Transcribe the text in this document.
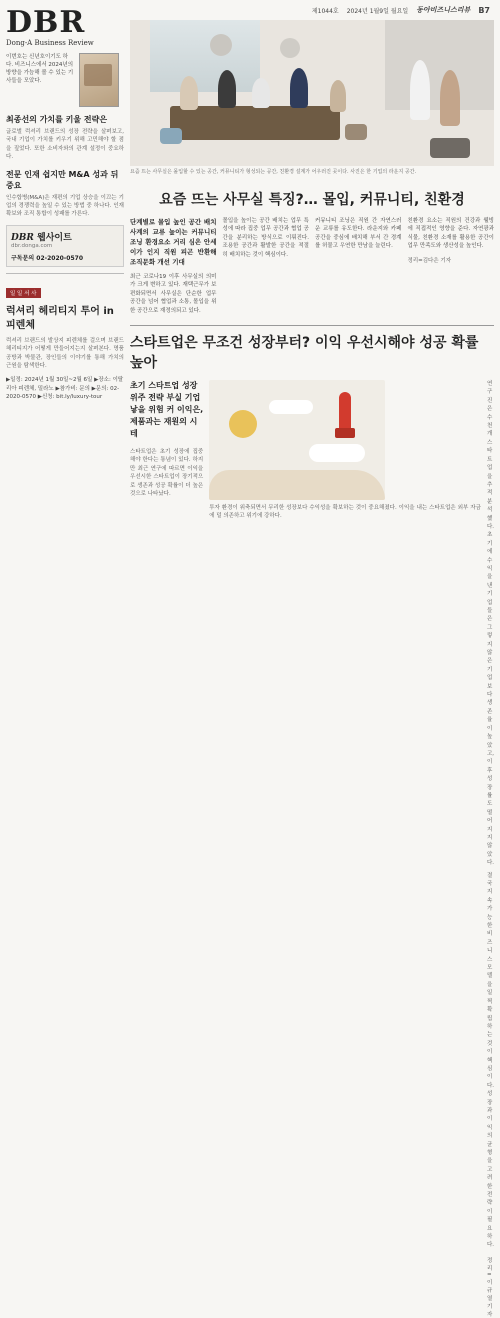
제1044호 2024년 1월9일 월요일 동아비즈니스리뷰 B7
DBR
Dong-A Business Review
이번호는 신년호이기도 하다. 비즈니스에서 2024년의 방향을 가늠해 볼 수 있는 기사들을 모았다.
최종선의 가치를 키울 전략은
글로벌 럭셔리 브랜드의 성장 전략을 살펴보고, 국내 기업이 가치를 키우기 위해 고민해야 할 점을 짚었다. 또한 소비자와의 관계 설정이 중요하다.
전문 인재 쉽지만 M&A 성과 뒤 중요
인수합병(M&A)은 재편의 기업 상승을 이끄는 기업의 경쟁력을 높일 수 있는 방법 중 하나다. 인재 확보와 조직 통합이 성패를 가른다.
DBR 웹사이트
dbr.donga.com
구독문의 02-2020-0570
일 일 서 사
럭셔리 헤리티지 투어 in 피렌체
럭셔리 브랜드의 발상지 피렌체를 걸으며 브랜드 헤리티지가 어떻게 만들어지는지 살펴본다. 명품 공방과 박물관, 장인들의 이야기를 통해 가치의 근원을 탐색한다.
▶일정: 2024년 1월 30일~2월 6일 ▶장소: 이탈리아 피렌체, 밀라노 ▶참가비: 문의 ▶문의: 02-2020-0570 ▶신청: bit.ly/luxury-tour
요즘 뜨는 사무실은 몰입할 수 있는 공간, 커뮤니티가 형성되는 공간, 친환경 설계가 어우러진 곳이다. 사진은 한 기업의 라운지 공간.
요즘 뜨는 사무실 특징?… 몰입, 커뮤니티, 친환경
단계별로 몰입 높인 공간 배치 사계의 교류 높이는 커뮤니티 조닝 환경요소 거리 심은 안세이가 인지 직원 피곤 반환해 조직문화 개선 기대
최근 코로나19 이후 사무실의 의미가 크게 변하고 있다. 재택근무가 보편화되면서 사무실은 단순한 업무 공간을 넘어 협업과 소통, 몰입을 위한 공간으로 재정의되고 있다.
몰입을 높이는 공간 배치는 업무 특성에 따라 집중 업무 공간과 협업 공간을 분리하는 방식으로 이뤄진다. 조용한 공간과 활발한 공간을 적절히 배치하는 것이 핵심이다.
커뮤니티 조닝은 직원 간 자연스러운 교류를 유도한다. 라운지와 카페 공간을 중심에 배치해 부서 간 경계를 허물고 우연한 만남을 늘린다.
친환경 요소는 직원의 건강과 웰빙에 직접적인 영향을 준다. 자연광과 식물, 친환경 소재를 활용한 공간이 업무 만족도와 생산성을 높인다.
정리=김다은 기자
스타트업은 무조건 성장부터? 이익 우선시해야 성공 확률 높아
초기 스타트업 성장 위주 전략 부실 기업 낳을 위험 커 이익은, 제품과는 재원의 시테
스타트업은 초기 성장에 집중해야 한다는 통념이 있다. 하지만 최근 연구에 따르면 이익을 우선시한 스타트업이 장기적으로 생존과 성공 확률이 더 높은 것으로 나타났다.
투자 환경이 위축되면서 무리한 성장보다 수익성을 확보하는 것이 중요해졌다. 이익을 내는 스타트업은 외부 자금에 덜 의존하고 위기에 강하다.
연구진은 수천 개 스타트업을 추적 분석했다. 초기에 수익을 낸 기업들은 그렇지 않은 기업보다 생존율이 높았고, 이후 성장률도 떨어지지 않았다.
결국 지속 가능한 비즈니스 모델을 일찍 확립하는 것이 핵심이다. 성장과 이익의 균형을 고려한 전략이 필요하다.
정리=이규열 기자
